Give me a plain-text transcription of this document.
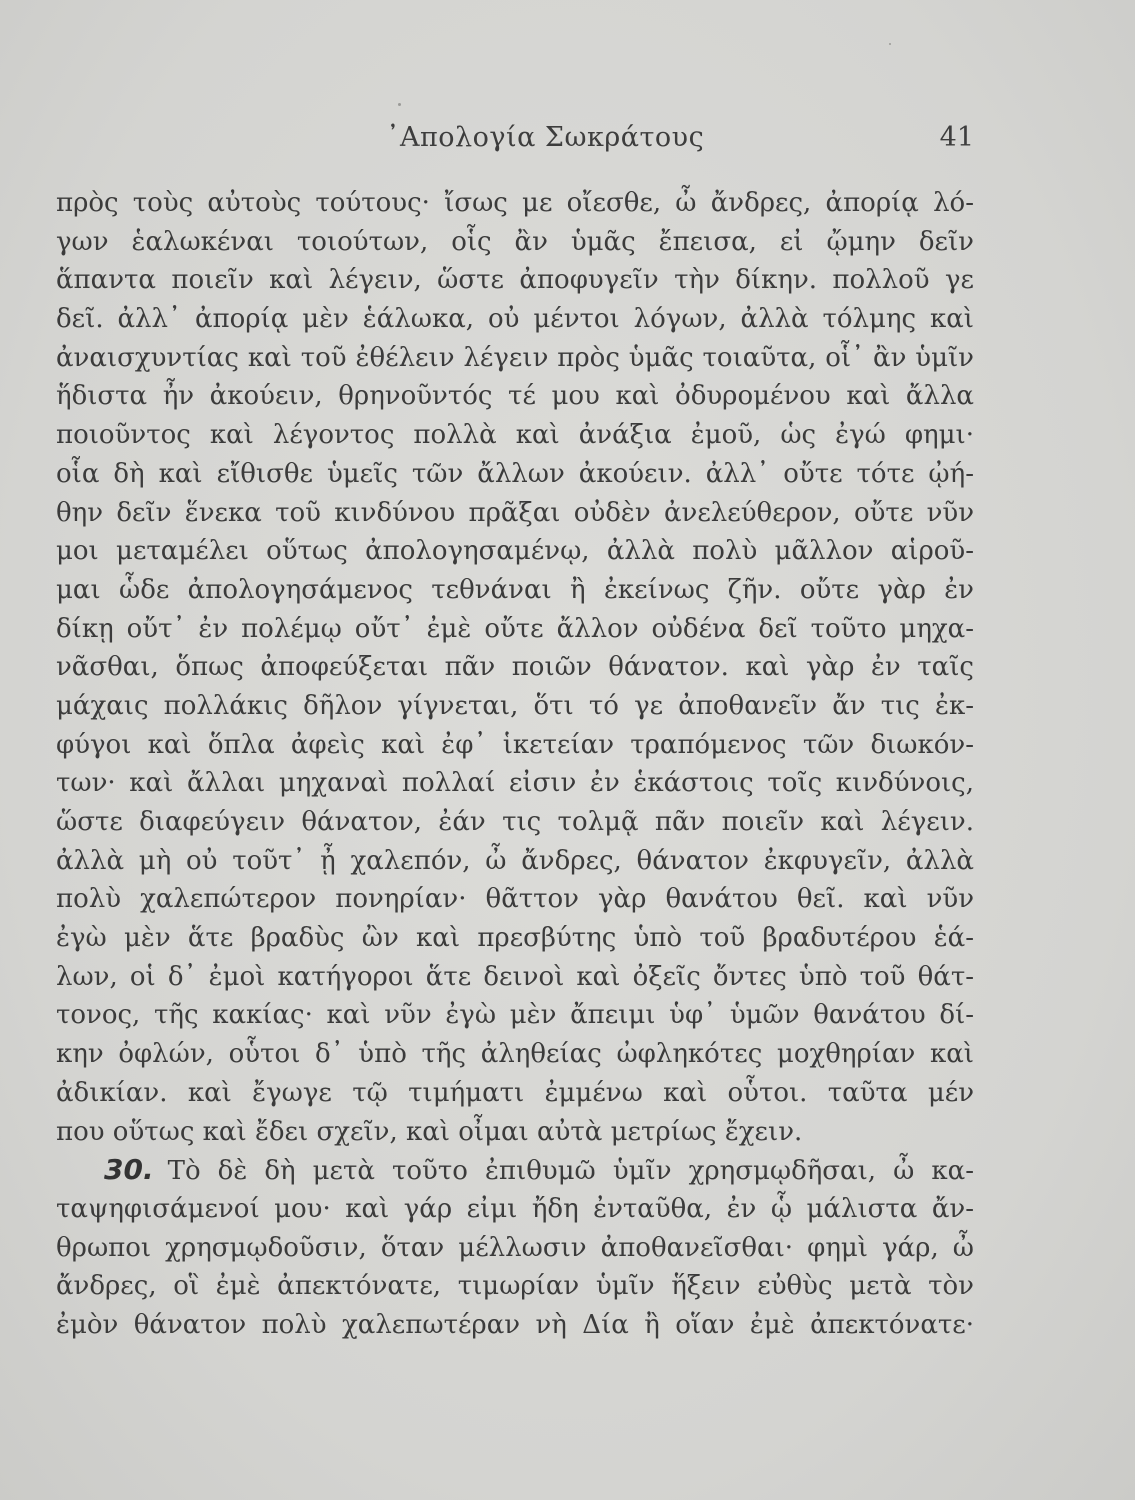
᾿Απολογία Σωκράτους	41
πρὸς τοὺς αὐτοὺς τούτους· ἴσως με οἴεσθε, ὦ ἄνδρες, ἀπορίᾳ λό-
γων ἑαλωκέναι τοιούτων, οἷς ἂν ὑμᾶς ἔπεισα, εἰ ᾤμην δεῖν
ἅπαντα ποιεῖν καὶ λέγειν, ὥστε ἀποφυγεῖν τὴν δίκην. πολλοῦ γε
δεῖ. ἀλλ᾽ ἀπορίᾳ μὲν ἑάλωκα, οὐ μέντοι λόγων, ἀλλὰ τόλμης καὶ
ἀναισχυντίας καὶ τοῦ ἐθέλειν λέγειν πρὸς ὑμᾶς τοιαῦτα, οἷ᾽ ἂν ὑμῖν
ἥδιστα ἦν ἀκούειν, θρηνοῦντός τέ μου καὶ ὀδυρομένου καὶ ἄλλα
ποιοῦντος καὶ λέγοντος πολλὰ καὶ ἀνάξια ἐμοῦ, ὡς ἐγώ φημι·
οἷα δὴ καὶ εἴθισθε ὑμεῖς τῶν ἄλλων ἀκούειν. ἀλλ᾽ οὔτε τότε ᾠή-
θην δεῖν ἕνεκα τοῦ κινδύνου πρᾶξαι οὐδὲν ἀνελεύθερον, οὔτε νῦν
μοι μεταμέλει οὕτως ἀπολογησαμένῳ, ἀλλὰ πολὺ μᾶλλον αἱροῦ-
μαι ὧδε ἀπολογησάμενος τεθνάναι ἢ ἐκείνως ζῆν. οὔτε γὰρ ἐν
δίκῃ οὔτ᾽ ἐν πολέμῳ οὔτ᾽ ἐμὲ οὔτε ἄλλον οὐδένα δεῖ τοῦτο μηχα-
νᾶσθαι, ὅπως ἀποφεύξεται πᾶν ποιῶν θάνατον. καὶ γὰρ ἐν ταῖς
μάχαις πολλάκις δῆλον γίγνεται, ὅτι τό γε ἀποθανεῖν ἄν τις ἐκ-
φύγοι καὶ ὅπλα ἀφεὶς καὶ ἐφ᾽ ἱκετείαν τραπόμενος τῶν διωκόν-
των· καὶ ἄλλαι μηχαναὶ πολλαί εἰσιν ἐν ἑκάστοις τοῖς κινδύνοις,
ὥστε διαφεύγειν θάνατον, ἐάν τις τολμᾷ πᾶν ποιεῖν καὶ λέγειν.
ἀλλὰ μὴ οὐ τοῦτ᾽ ᾖ χαλεπόν, ὦ ἄνδρες, θάνατον ἐκφυγεῖν, ἀλλὰ
πολὺ χαλεπώτερον πονηρίαν· θᾶττον γὰρ θανάτου θεῖ. καὶ νῦν
ἐγὼ μὲν ἅτε βραδὺς ὢν καὶ πρεσβύτης ὑπὸ τοῦ βραδυτέρου ἑά-
λων, οἱ δ᾽ ἐμοὶ κατήγοροι ἅτε δεινοὶ καὶ ὀξεῖς ὄντες ὑπὸ τοῦ θάτ-
τονος, τῆς κακίας· καὶ νῦν ἐγὼ μὲν ἄπειμι ὑφ᾽ ὑμῶν θανάτου δί-
κην ὀφλών, οὗτοι δ᾽ ὑπὸ τῆς ἀληθείας ὠφληκότες μοχθηρίαν καὶ
ἀδικίαν. καὶ ἔγωγε τῷ τιμήματι ἐμμένω καὶ οὗτοι. ταῦτα μέν
που οὕτως καὶ ἔδει σχεῖν, καὶ οἶμαι αὐτὰ μετρίως ἔχειν.
30. Τὸ δὲ δὴ μετὰ τοῦτο ἐπιθυμῶ ὑμῖν χρησμῳδῆσαι, ὦ κα-
ταψηφισάμενοί μου· καὶ γάρ εἰμι ἤδη ἐνταῦθα, ἐν ᾧ μάλιστα ἄν-
θρωποι χρησμῳδοῦσιν, ὅταν μέλλωσιν ἀποθανεῖσθαι· φημὶ γάρ, ὦ
ἄνδρες, οἳ ἐμὲ ἀπεκτόνατε, τιμωρίαν ὑμῖν ἥξειν εὐθὺς μετὰ τὸν
ἐμὸν θάνατον πολὺ χαλεπωτέραν νὴ Δία ἢ οἵαν ἐμὲ ἀπεκτόνατε·
